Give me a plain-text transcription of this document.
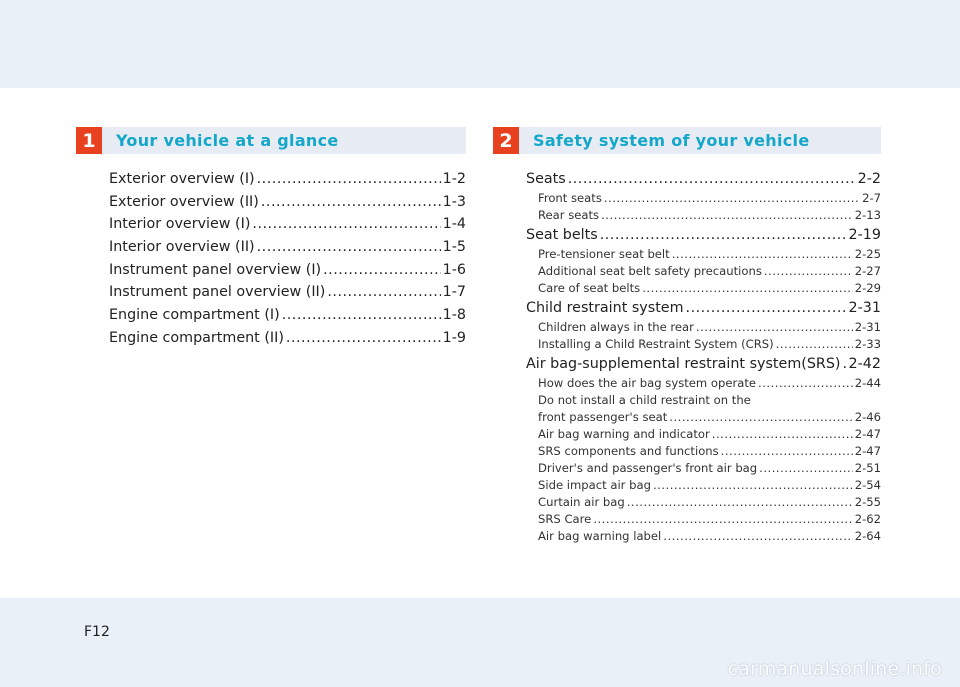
1	Your vehicle at a glance
Exterior overview (I) .....	1-2
Exterior overview (II) .....	1-3
Interior overview (I) .....	1-4
Interior overview (II) .....	1-5
Instrument panel overview (I) .....	1-6
Instrument panel overview (II) .....	1-7
Engine compartment (I) .....	1-8
Engine compartment (II) .....	1-9
2	Safety system of your vehicle
Seats .....	2-2
Front seats .....	2-7
Rear seats .....	2-13
Seat belts .....	2-19
Pre-tensioner seat belt .....	2-25
Additional seat belt safety precautions .....	2-27
Care of seat belts .....	2-29
Child restraint system .....	2-31
Children always in the rear .....	2-31
Installing a Child Restraint System (CRS) .....	2-33
Air bag-supplemental restraint system(SRS) ..... 2-42
How does the air bag system operate .....	2-44
Do not install a child restraint on the
front passenger's seat .....	2-46
Air bag warning and indicator .....	2-47
SRS components and functions .....	2-47
Driver's and passenger's front air bag .....	2-51
Side impact air bag .....	2-54
Curtain air bag .....	2-55
SRS Care .....	2-62
Air bag warning label .....	2-64
F12
carmanualsonline.info
